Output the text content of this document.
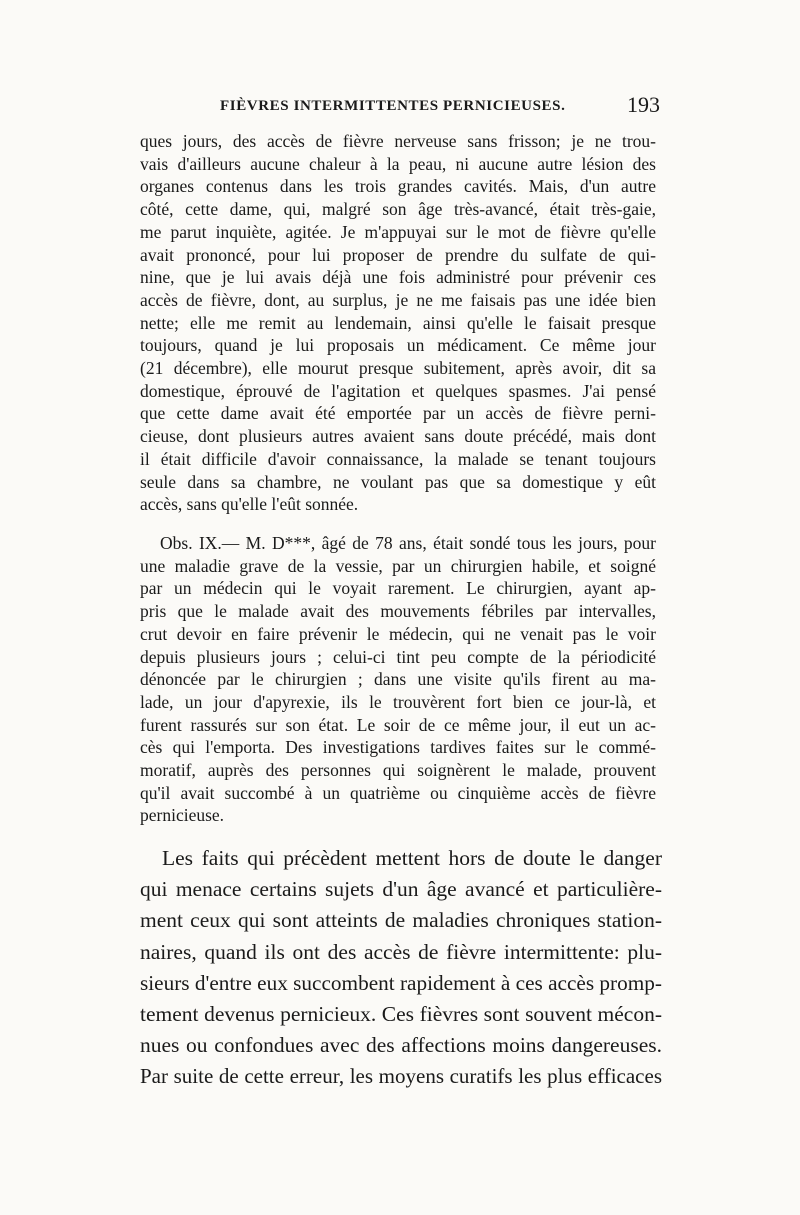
FIÈVRES INTERMITTENTES PERNICIEUSES.	193
ques jours, des accès de fièvre nerveuse sans frisson; je ne trou-
vais d'ailleurs aucune chaleur à la peau, ni aucune autre lésion des
organes contenus dans les trois grandes cavités. Mais, d'un autre
côté, cette dame, qui, malgré son âge très-avancé, était très-gaie,
me parut inquiète, agitée. Je m'appuyai sur le mot de fièvre qu'elle
avait prononcé, pour lui proposer de prendre du sulfate de qui-
nine, que je lui avais déjà une fois administré pour prévenir ces
accès de fièvre, dont, au surplus, je ne me faisais pas une idée bien
nette; elle me remit au lendemain, ainsi qu'elle le faisait presque
toujours, quand je lui proposais un médicament. Ce même jour
(21 décembre), elle mourut presque subitement, après avoir, dit sa
domestique, éprouvé de l'agitation et quelques spasmes. J'ai pensé
que cette dame avait été emportée par un accès de fièvre perni-
cieuse, dont plusieurs autres avaient sans doute précédé, mais dont
il était difficile d'avoir connaissance, la malade se tenant toujours
seule dans sa chambre, ne voulant pas que sa domestique y eût
accès, sans qu'elle l'eût sonnée.
Obs. IX.— M. D***, âgé de 78 ans, était sondé tous les jours, pour
une maladie grave de la vessie, par un chirurgien habile, et soigné
par un médecin qui le voyait rarement. Le chirurgien, ayant ap-
pris que le malade avait des mouvements fébriles par intervalles,
crut devoir en faire prévenir le médecin, qui ne venait pas le voir
depuis plusieurs jours ; celui-ci tint peu compte de la périodicité
dénoncée par le chirurgien ; dans une visite qu'ils firent au ma-
lade, un jour d'apyrexie, ils le trouvèrent fort bien ce jour-là, et
furent rassurés sur son état. Le soir de ce même jour, il eut un ac-
cès qui l'emporta. Des investigations tardives faites sur le commé-
moratif, auprès des personnes qui soignèrent le malade, prouvent
qu'il avait succombé à un quatrième ou cinquième accès de fièvre
pernicieuse.
Les faits qui précèdent mettent hors de doute le danger
qui menace certains sujets d'un âge avancé et particulière-
ment ceux qui sont atteints de maladies chroniques station-
naires, quand ils ont des accès de fièvre intermittente: plu-
sieurs d'entre eux succombent rapidement à ces accès promp-
tement devenus pernicieux. Ces fièvres sont souvent mécon-
nues ou confondues avec des affections moins dangereuses.
Par suite de cette erreur, les moyens curatifs les plus efficaces
